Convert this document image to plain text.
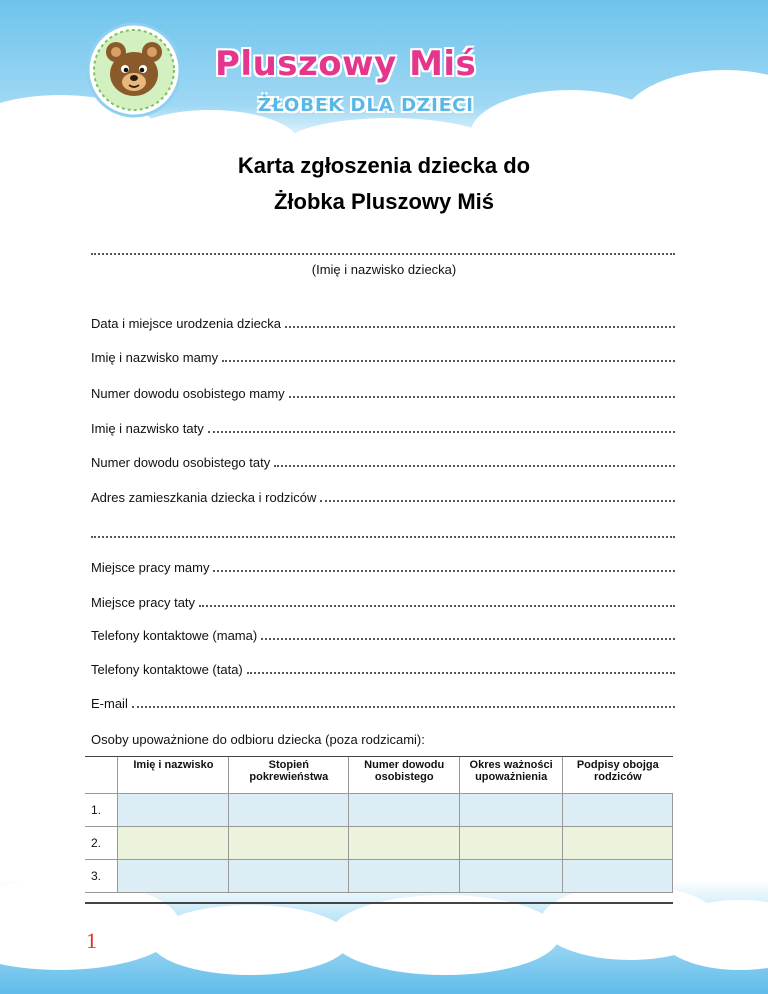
Pluszowy Miś
ŻŁOBEK DLA DZIECI
Karta zgłoszenia dziecka do
Żłobka Pluszowy Miś
(Imię i nazwisko dziecka)
Data i miejsce urodzenia dziecka
Imię i nazwisko mamy
Numer dowodu osobistego mamy
Imię i nazwisko taty
Numer dowodu osobistego taty
Adres zamieszkania dziecka i rodziców
Miejsce pracy mamy
Miejsce pracy taty
Telefony kontaktowe (mama)
Telefony kontaktowe (tata)
E-mail
Osoby upoważnione do odbioru dziecka (poza rodzicami):
	Imię i nazwisko	Stopień pokrewieństwa	Numer dowodu osobistego	Okres ważności upoważnienia	Podpisy obojga rodziców
1.					
2.					
3.					
1
